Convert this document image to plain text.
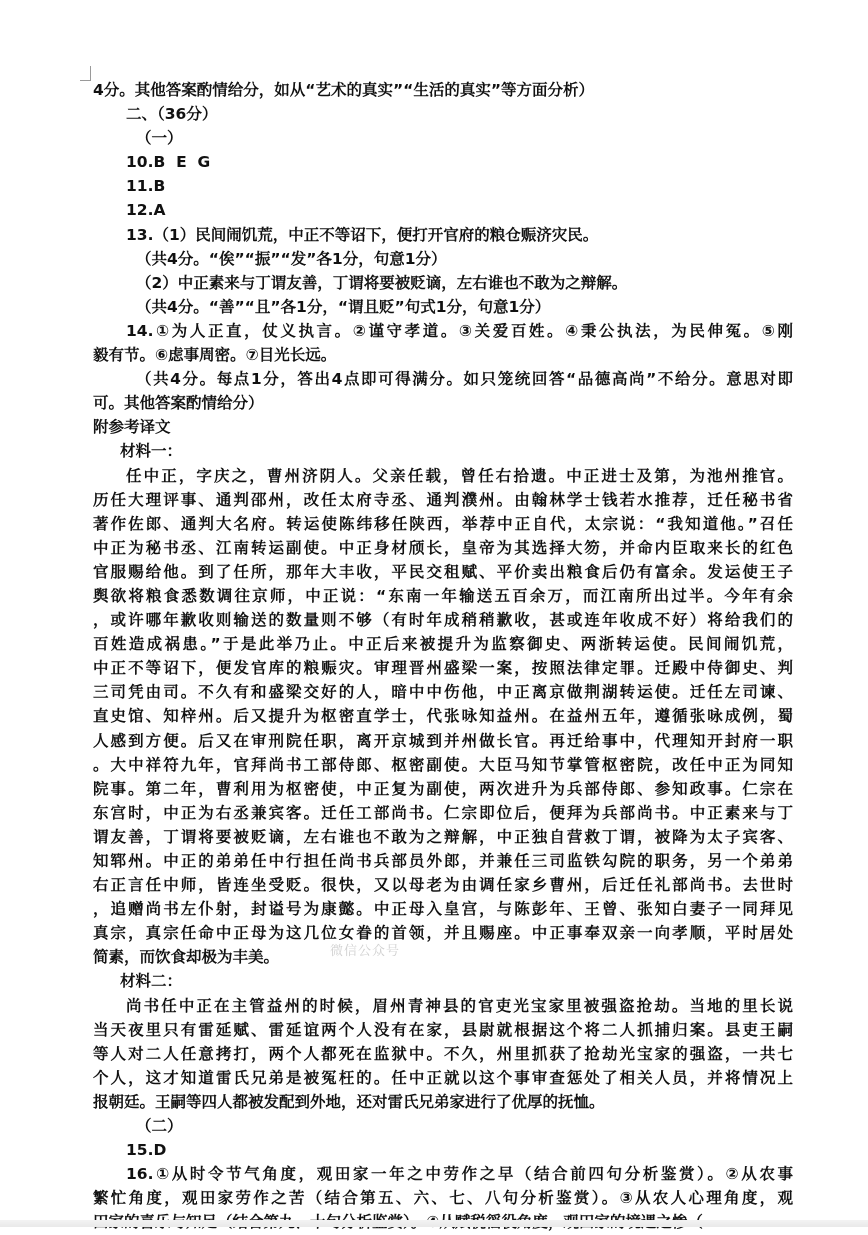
4分。其他答案酌情给分，如从“艺术的真实”“生活的真实”等方面分析）
二、（36分）
（一）
10.B  E  G
11.B
12.A
13.（1）民间闹饥荒，中正不等诏下，便打开官府的粮仓赈济灾民。
（共4分。“俟”“振”“发”各1分，句意1分）
（2）中正素来与丁谓友善，丁谓将要被贬谪，左右谁也不敢为之辩解。
（共4分。“善”“且”各1分，“谓且贬”句式1分，句意1分）
14.①为人正直，仗义执言。②谨守孝道。③关爱百姓。④秉公执法，为民伸冤。⑤刚
毅有节。⑥虑事周密。⑦目光长远。
（共4分。每点1分，答出4点即可得满分。如只笼统回答“品德高尚”不给分。意思对即
可。其他答案酌情给分）
附参考译文
材料一：
任中正，字庆之，曹州济阴人。父亲任载，曾任右拾遗。中正进士及第，为池州推官。
历任大理评事、通判邵州，改任太府寺丞、通判濮州。由翰林学士钱若水推荐，迁任秘书省
著作佐郎、通判大名府。转运使陈纬移任陕西，举荐中正自代，太宗说：“我知道他。”召任
中正为秘书丞、江南转运副使。中正身材颀长，皇帝为其选择大笏，并命内臣取来长的红色
官服赐给他。到了任所，那年大丰收，平民交租赋、平价卖出粮食后仍有富余。发运使王子
舆欲将粮食悉数调往京师，中正说：“东南一年输送五百余万，而江南所出过半。今年有余
，或许哪年歉收则输送的数量则不够（有时年成稍稍歉收，甚或连年收成不好）将给我们的
百姓造成祸患。”于是此举乃止。中正后来被提升为监察御史、两浙转运使。民间闹饥荒，
中正不等诏下，便发官库的粮赈灾。审理晋州盛梁一案，按照法律定罪。迁殿中侍御史、判
三司凭由司。不久有和盛梁交好的人，暗中中伤他，中正离京做荆湖转运使。迁任左司谏、
直史馆、知梓州。后又提升为枢密直学士，代张咏知益州。在益州五年，遵循张咏成例，蜀
人感到方便。后又在审刑院任职，离开京城到并州做长官。再迁给事中，代理知开封府一职
。大中祥符九年，官拜尚书工部侍郎、枢密副使。大臣马知节掌管枢密院，改任中正为同知
院事。第二年，曹利用为枢密使，中正复为副使，两次进升为兵部侍郎、参知政事。仁宗在
东宫时，中正为右丞兼宾客。迁任工部尚书。仁宗即位后，便拜为兵部尚书。中正素来与丁
谓友善，丁谓将要被贬谪，左右谁也不敢为之辩解，中正独自营救丁谓，被降为太子宾客、
知郓州。中正的弟弟任中行担任尚书兵部员外郎，并兼任三司监铁勾院的职务，另一个弟弟
右正言任中师，皆连坐受贬。很快，又以母老为由调任家乡曹州，后迁任礼部尚书。去世时
，追赠尚书左仆射，封谥号为康懿。中正母入皇宫，与陈彭年、王曾、张知白妻子一同拜见
真宗，真宗任命中正母为这几位女眷的首领，并且赐座。中正事奉双亲一向孝顺，平时居处
简素，而饮食却极为丰美。
材料二：
尚书任中正在主管益州的时候，眉州青神县的官吏光宝家里被强盗抢劫。当地的里长说
当天夜里只有雷延赋、雷延谊两个人没有在家，县尉就根据这个将二人抓捕归案。县吏王嗣
等人对二人任意拷打，两个人都死在监狱中。不久，州里抓获了抢劫光宝家的强盗，一共七
个人，这才知道雷氏兄弟是被冤枉的。任中正就以这个事审查惩处了相关人员，并将情况上
报朝廷。王嗣等四人都被发配到外地，还对雷氏兄弟家进行了优厚的抚恤。
（二）
15.D
16.①从时令节气角度，观田家一年之中劳作之早（结合前四句分析鉴赏）。②从农事
繁忙角度，观田家劳作之苦（结合第五、六、七、八句分析鉴赏）。③从农人心理角度，观
微信公众号
